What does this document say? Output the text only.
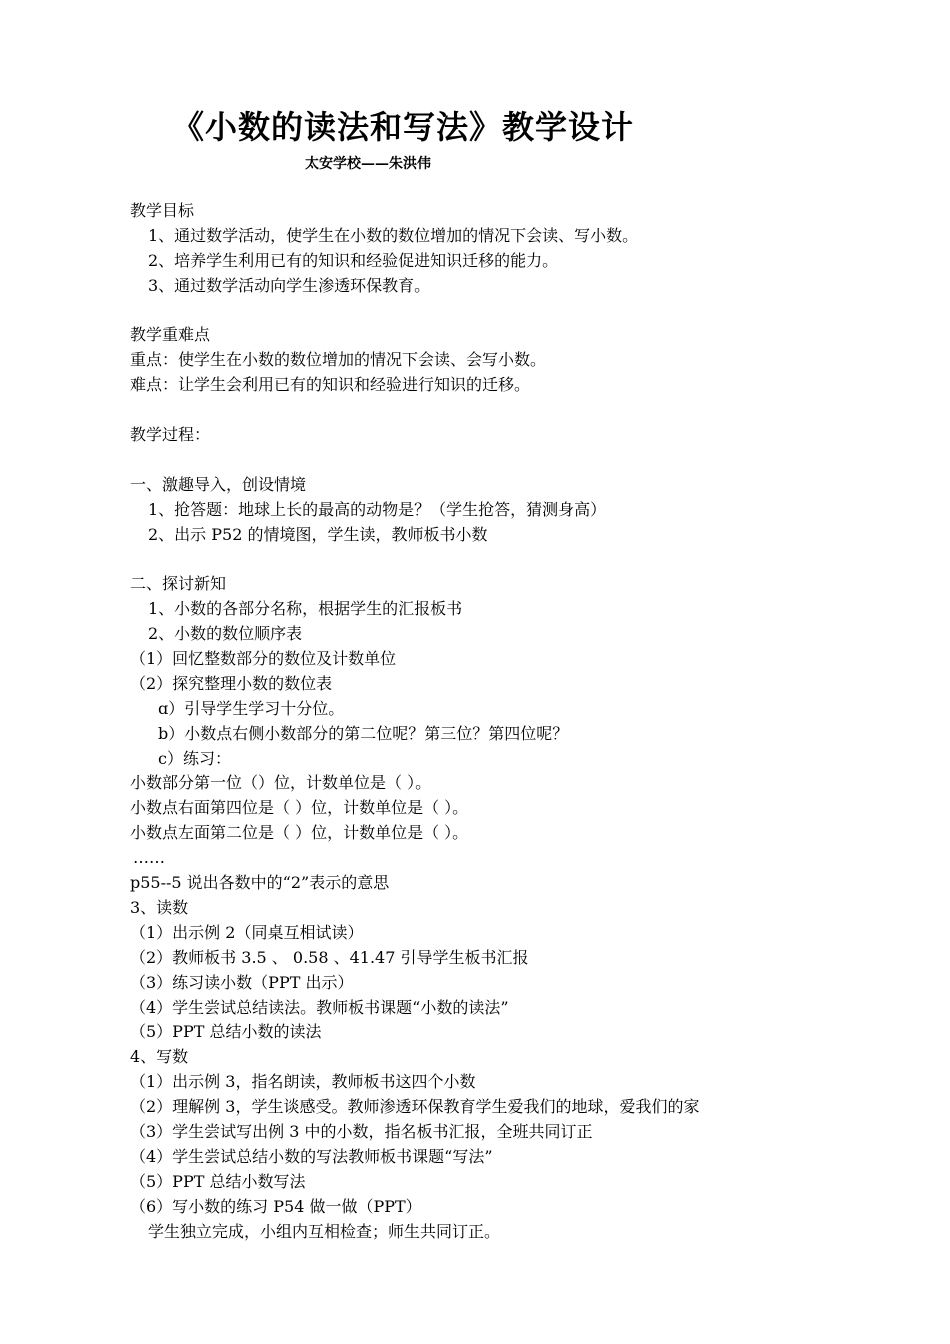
《小数的读法和写法》教学设计

太安学校——朱洪伟

教学目标

1、通过数学活动，使学生在小数的数位增加的情况下会读、写小数。

2、培养学生利用已有的知识和经验促进知识迁移的能力。

3、通过数学活动向学生渗透环保教育。

教学重难点

重点：使学生在小数的数位增加的情况下会读、会写小数。

难点：让学生会利用已有的知识和经验进行知识的迁移。

教学过程：

一、激趣导入，创设情境

1、抢答题：地球上长的最高的动物是？（学生抢答，猜测身高）

2、出示 P52 的情境图，学生读，教师板书小数

二、探讨新知

1、小数的各部分名称，根据学生的汇报板书

2、小数的数位顺序表

（1）回忆整数部分的数位及计数单位

（2）探究整理小数的数位表

ɑ）引导学生学习十分位。

b）小数点右侧小数部分的第二位呢？第三位？第四位呢？

c）练习：

小数部分第一位（）位，计数单位是（ ）。

小数点右面第四位是（ ）位，计数单位是（ ）。

小数点左面第二位是（ ）位，计数单位是（ ）。

……

p55--5 说出各数中的“2”表示的意思

3、读数

（1）出示例 2（同桌互相试读）

（2）教师板书 3.5 、 0.58 、41.47 引导学生板书汇报

（3）练习读小数（PPT 出示）

（4）学生尝试总结读法。教师板书课题“小数的读法”

（5）PPT 总结小数的读法

4、写数

（1）出示例 3，指名朗读，教师板书这四个小数

（2）理解例 3，学生谈感受。教师渗透环保教育学生爱我们的地球，爱我们的家

（3）学生尝试写出例 3 中的小数，指名板书汇报，全班共同订正

（4）学生尝试总结小数的写法教师板书课题“写法”

（5）PPT 总结小数写法

（6）写小数的练习 P54 做一做（PPT）

学生独立完成，小组内互相检查；师生共同订正。
